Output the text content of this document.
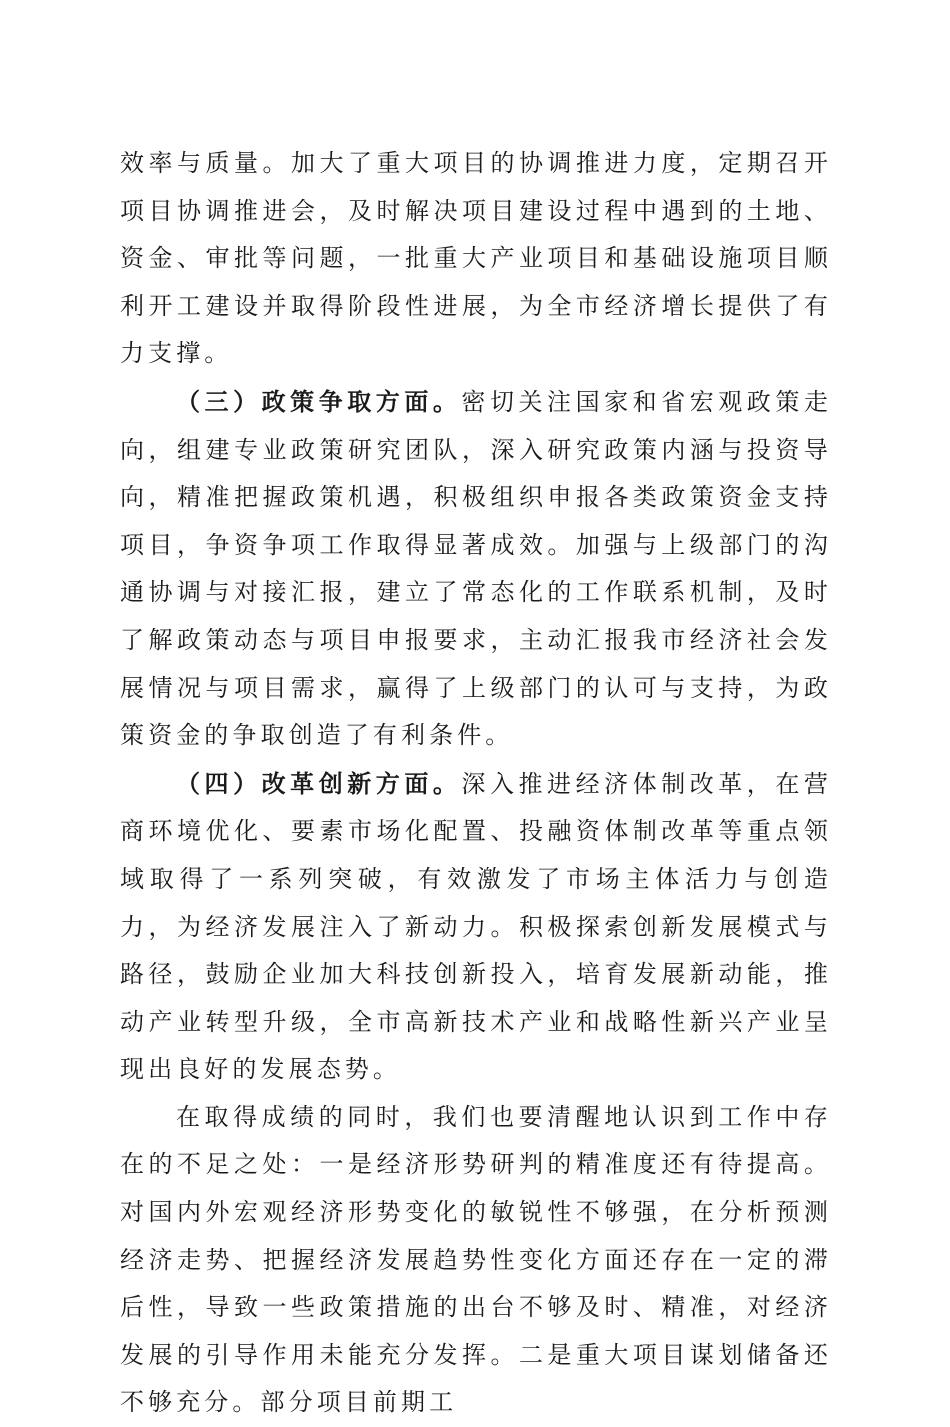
效率与质量。加大了重大项目的协调推进力度，定期召开项目协调推进会，及时解决项目建设过程中遇到的土地、资金、审批等问题，一批重大产业项目和基础设施项目顺利开工建设并取得阶段性进展，为全市经济增长提供了有力支撑。

（三）政策争取方面。密切关注国家和省宏观政策走向，组建专业政策研究团队，深入研究政策内涵与投资导向，精准把握政策机遇，积极组织申报各类政策资金支持项目，争资争项工作取得显著成效。加强与上级部门的沟通协调与对接汇报，建立了常态化的工作联系机制，及时了解政策动态与项目申报要求，主动汇报我市经济社会发展情况与项目需求，赢得了上级部门的认可与支持，为政策资金的争取创造了有利条件。

（四）改革创新方面。深入推进经济体制改革，在营商环境优化、要素市场化配置、投融资体制改革等重点领域取得了一系列突破，有效激发了市场主体活力与创造力，为经济发展注入了新动力。积极探索创新发展模式与路径，鼓励企业加大科技创新投入，培育发展新动能，推动产业转型升级，全市高新技术产业和战略性新兴产业呈现出良好的发展态势。

在取得成绩的同时，我们也要清醒地认识到工作中存在的不足之处：一是经济形势研判的精准度还有待提高。对国内外宏观经济形势变化的敏锐性不够强，在分析预测经济走势、把握经济发展趋势性变化方面还存在一定的滞后性，导致一些政策措施的出台不够及时、精准，对经济发展的引导作用未能充分发挥。二是重大项目谋划储备还不够充分。部分项目前期工
